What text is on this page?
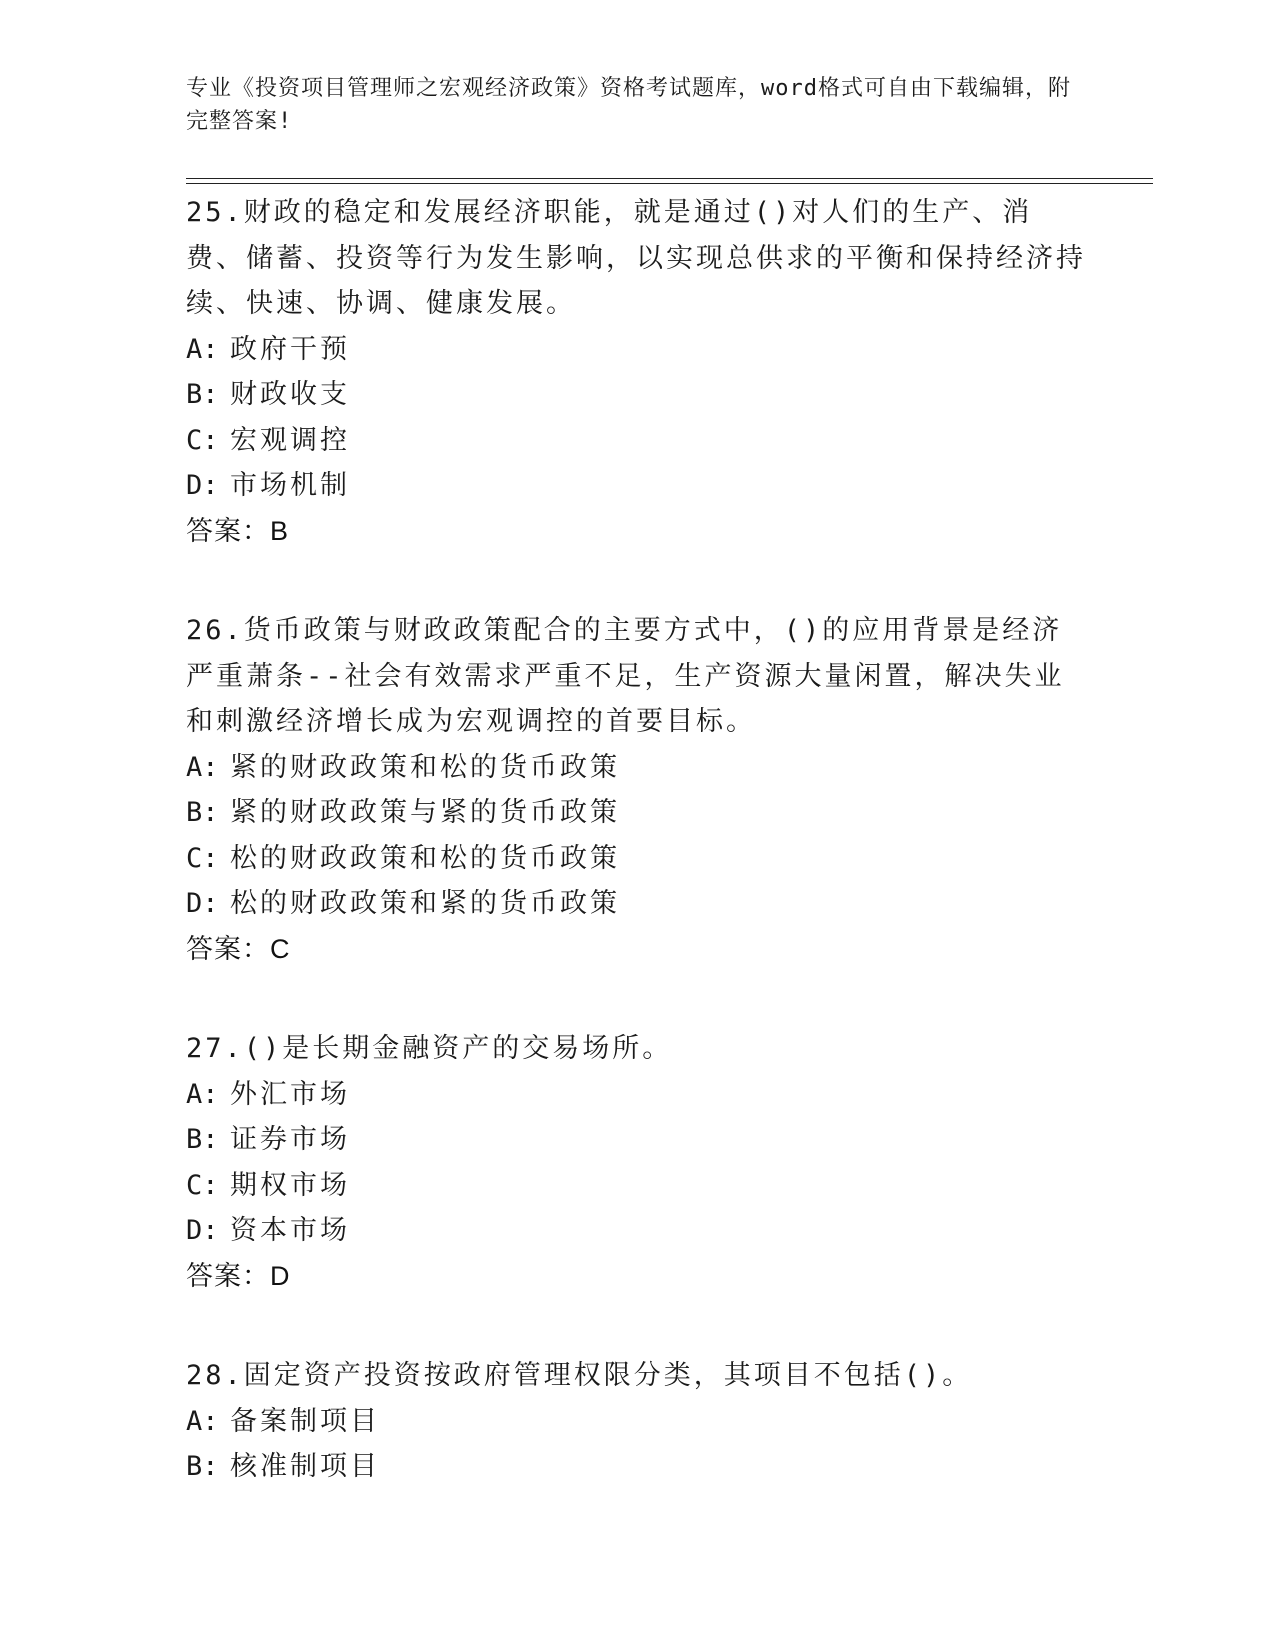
专业《投资项目管理师之宏观经济政策》资格考试题库，word格式可自由下载编辑，附完整答案!

25.财政的稳定和发展经济职能，就是通过()对人们的生产、消费、储蓄、投资等行为发生影响，以实现总供求的平衡和保持经济持续、快速、协调、健康发展。

A: 政府干预

B: 财政收支

C: 宏观调控

D: 市场机制

答案：B

26.货币政策与财政政策配合的主要方式中，()的应用背景是经济严重萧条--社会有效需求严重不足，生产资源大量闲置，解决失业和刺激经济增长成为宏观调控的首要目标。

A: 紧的财政政策和松的货币政策

B: 紧的财政政策与紧的货币政策

C: 松的财政政策和松的货币政策

D: 松的财政政策和紧的货币政策

答案：C

27.()是长期金融资产的交易场所。

A: 外汇市场

B: 证券市场

C: 期权市场

D: 资本市场

答案：D

28.固定资产投资按政府管理权限分类，其项目不包括()。

A: 备案制项目

B: 核准制项目
